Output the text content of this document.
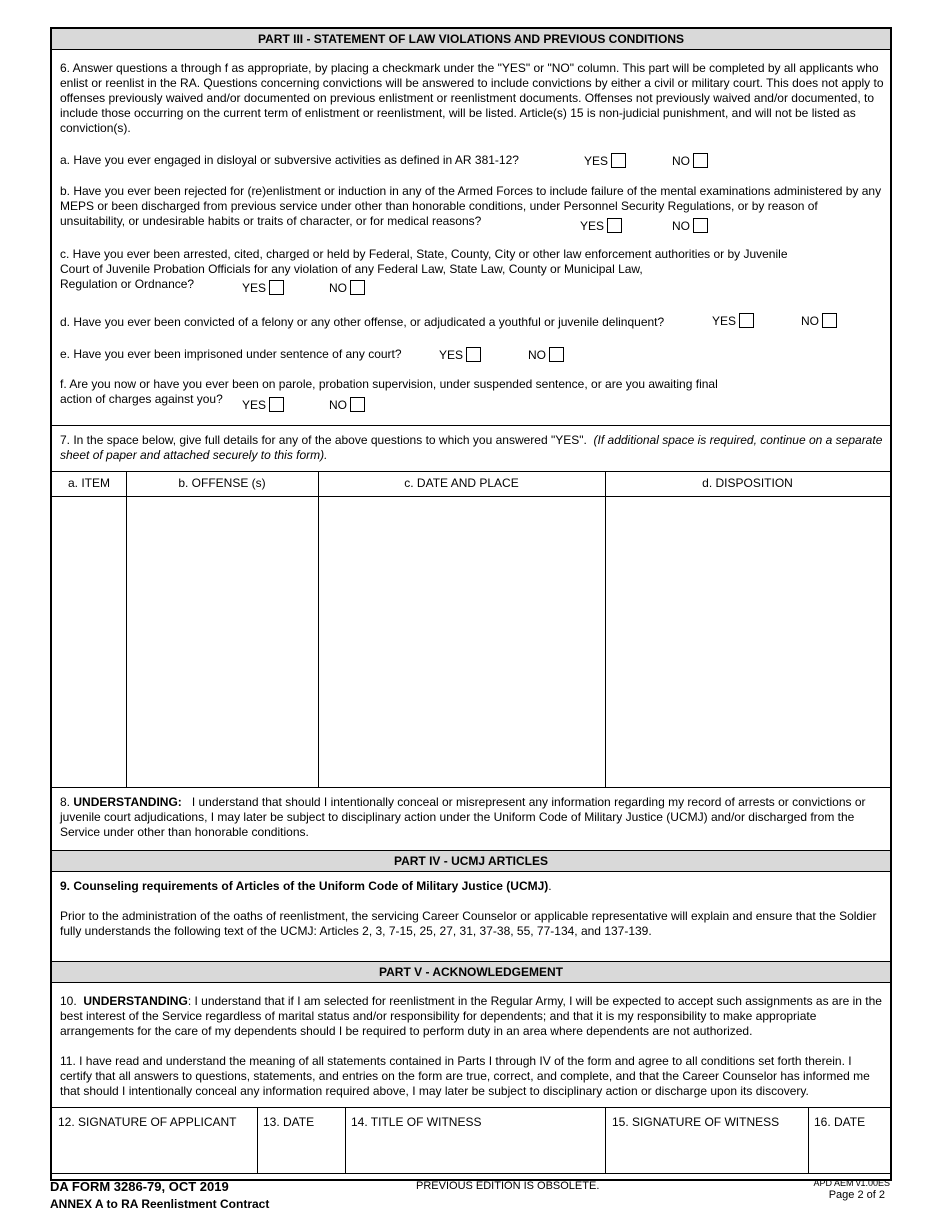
PART III - STATEMENT OF LAW VIOLATIONS AND PREVIOUS CONDITIONS
6. Answer questions a through f as appropriate, by placing a checkmark under the "YES" or "NO" column. This part will be completed by all applicants who enlist or reenlist in the RA. Questions concerning convictions will be answered to include convictions by either a civil or military court. This does not apply to offenses previously waived and/or documented on previous enlistment or reenlistment documents. Offenses not previously waived and/or documented, to include those occurring on the current term of enlistment or reenlistment, will be listed. Article(s) 15 is non-judicial punishment, and will not be listed as conviction(s).
a. Have you ever engaged in disloyal or subversive activities as defined in AR 381-12?	YES	NO
b. Have you ever been rejected for (re)enlistment or induction in any of the Armed Forces to include failure of the mental examinations administered by any MEPS or been discharged from previous service under other than honorable conditions, under Personnel Security Regulations, or by reason of unsuitability, or undesirable habits or traits of character, or for medical reasons?	YES	NO
c. Have you ever been arrested, cited, charged or held by Federal, State, County, City or other law enforcement authorities or by Juvenile
Court of Juvenile Probation Officials for any violation of any Federal Law, State Law, County or Municipal Law,
Regulation or Ordnance?	YES	NO
d. Have you ever been convicted of a felony or any other offense, or adjudicated a youthful or juvenile delinquent?	YES	NO
e. Have you ever been imprisoned under sentence of any court?	YES	NO
f. Are you now or have you ever been on parole, probation supervision, under suspended sentence, or are you awaiting final
action of charges against you?	YES	NO
7. In the space below, give full details for any of the above questions to which you answered "YES". (If additional space is required, continue on a separate sheet of paper and attached securely to this form).
a. ITEM	b. OFFENSE (s)	c. DATE AND PLACE	d. DISPOSITION
8. UNDERSTANDING: I understand that should I intentionally conceal or misrepresent any information regarding my record of arrests or convictions or juvenile court adjudications, I may later be subject to disciplinary action under the Uniform Code of Military Justice (UCMJ) and/or discharged from the Service under other than honorable conditions.
PART IV - UCMJ ARTICLES
9. Counseling requirements of Articles of the Uniform Code of Military Justice (UCMJ).
Prior to the administration of the oaths of reenlistment, the servicing Career Counselor or applicable representative will explain and ensure that the Soldier fully understands the following text of the UCMJ: Articles 2, 3, 7-15, 25, 27, 31, 37-38, 55, 77-134, and 137-139.
PART V - ACKNOWLEDGEMENT
10. UNDERSTANDING: I understand that if I am selected for reenlistment in the Regular Army, I will be expected to accept such assignments as are in the best interest of the Service regardless of marital status and/or responsibility for dependents; and that it is my responsibility to make appropriate arrangements for the care of my dependents should I be required to perform duty in an area where dependents are not authorized.
11. I have read and understand the meaning of all statements contained in Parts I through IV of the form and agree to all conditions set forth therein. I certify that all answers to questions, statements, and entries on the form are true, correct, and complete, and that the Career Counselor has informed me that should I intentionally conceal any information required above, I may later be subject to disciplinary action or discharge upon its discovery.
12. SIGNATURE OF APPLICANT	13. DATE	14. TITLE OF WITNESS	15. SIGNATURE OF WITNESS	16. DATE
DA FORM 3286-79, OCT 2019
ANNEX A to RA Reenlistment Contract
PREVIOUS EDITION IS OBSOLETE.	APD AEM v1.00ES
Page 2 of 2
